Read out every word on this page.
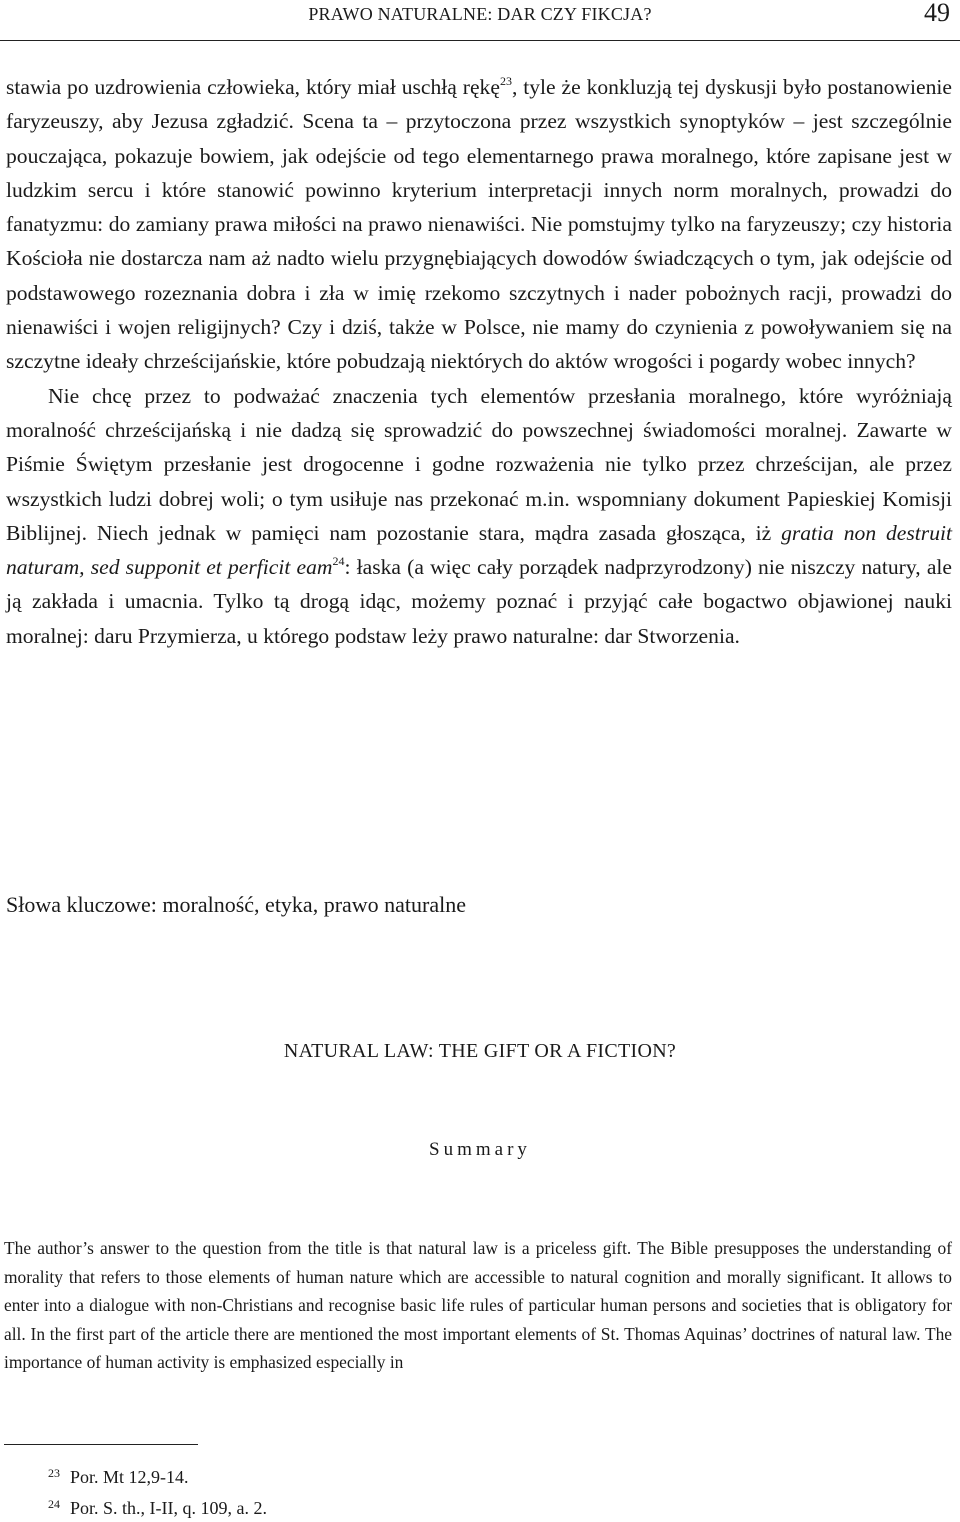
PRAWO NATURALNE: DAR CZY FIKCJA?	49

stawia po uzdrowienia człowieka, który miał uschłą rękę$^{23}$, tyle że konkluzją tej dyskusji było postanowienie faryzeuszy, aby Jezusa zgładzić. Scena ta – przytoczona przez wszystkich synoptyków – jest szczególnie pouczająca, pokazuje bowiem, jak odejście od tego elementarnego prawa moralnego, które zapisane jest w ludzkim sercu i które stanowić powinno kryterium interpretacji innych norm moralnych, prowadzi do fanatyzmu: do zamiany prawa miłości na prawo nienawiści. Nie pomstujmy tylko na faryzeuszy; czy historia Kościoła nie dostarcza nam aż nadto wielu przygnębiających dowodów świadczących o tym, jak odejście od podstawowego rozeznania dobra i zła w imię rzekomo szczytnych i nader pobożnych racji, prowadzi do nienawiści i wojen religijnych? Czy i dziś, także w Polsce, nie mamy do czynienia z powoływaniem się na szczytne ideały chrześcijańskie, które pobudzają niektórych do aktów wrogości i pogardy wobec innych?

Nie chcę przez to podważać znaczenia tych elementów przesłania moralnego, które wyróżniają moralność chrześcijańską i nie dadzą się sprowadzić do powszechnej świadomości moralnej. Zawarte w Piśmie Świętym przesłanie jest drogocenne i godne rozważenia nie tylko przez chrześcijan, ale przez wszystkich ludzi dobrej woli; o tym usiłuje nas przekonać m.in. wspomniany dokument Papieskiej Komisji Biblijnej. Niech jednak w pamięci nam pozostanie stara, mądra zasada głosząca, iż gratia non destruit naturam, sed supponit et perficit eam$^{24}$: łaska (a więc cały porządek nadprzyrodzony) nie niszczy natury, ale ją zakłada i umacnia. Tylko tą drogą idąc, możemy poznać i przyjąć całe bogactwo objawionej nauki moralnej: daru Przymierza, u którego podstaw leży prawo naturalne: dar Stworzenia.

Słowa kluczowe: moralność, etyka, prawo naturalne
NATURAL LAW: THE GIFT OR A FICTION?
Summary

The author’s answer to the question from the title is that natural law is a priceless gift. The Bible presupposes the understanding of morality that refers to those elements of human nature which are accessible to natural cognition and morally significant. It allows to enter into a dialogue with non-Christians and recognise basic life rules of particular human persons and societies that is obligatory for all. In the first part of the article there are mentioned the most important elements of St. Thomas Aquinas’ doctrines of natural law. The importance of human activity is emphasized especially in

$^{23}$ Por. Mt 12,9-14.
$^{24}$ Por. S. th., I-II, q. 109, a. 2.
